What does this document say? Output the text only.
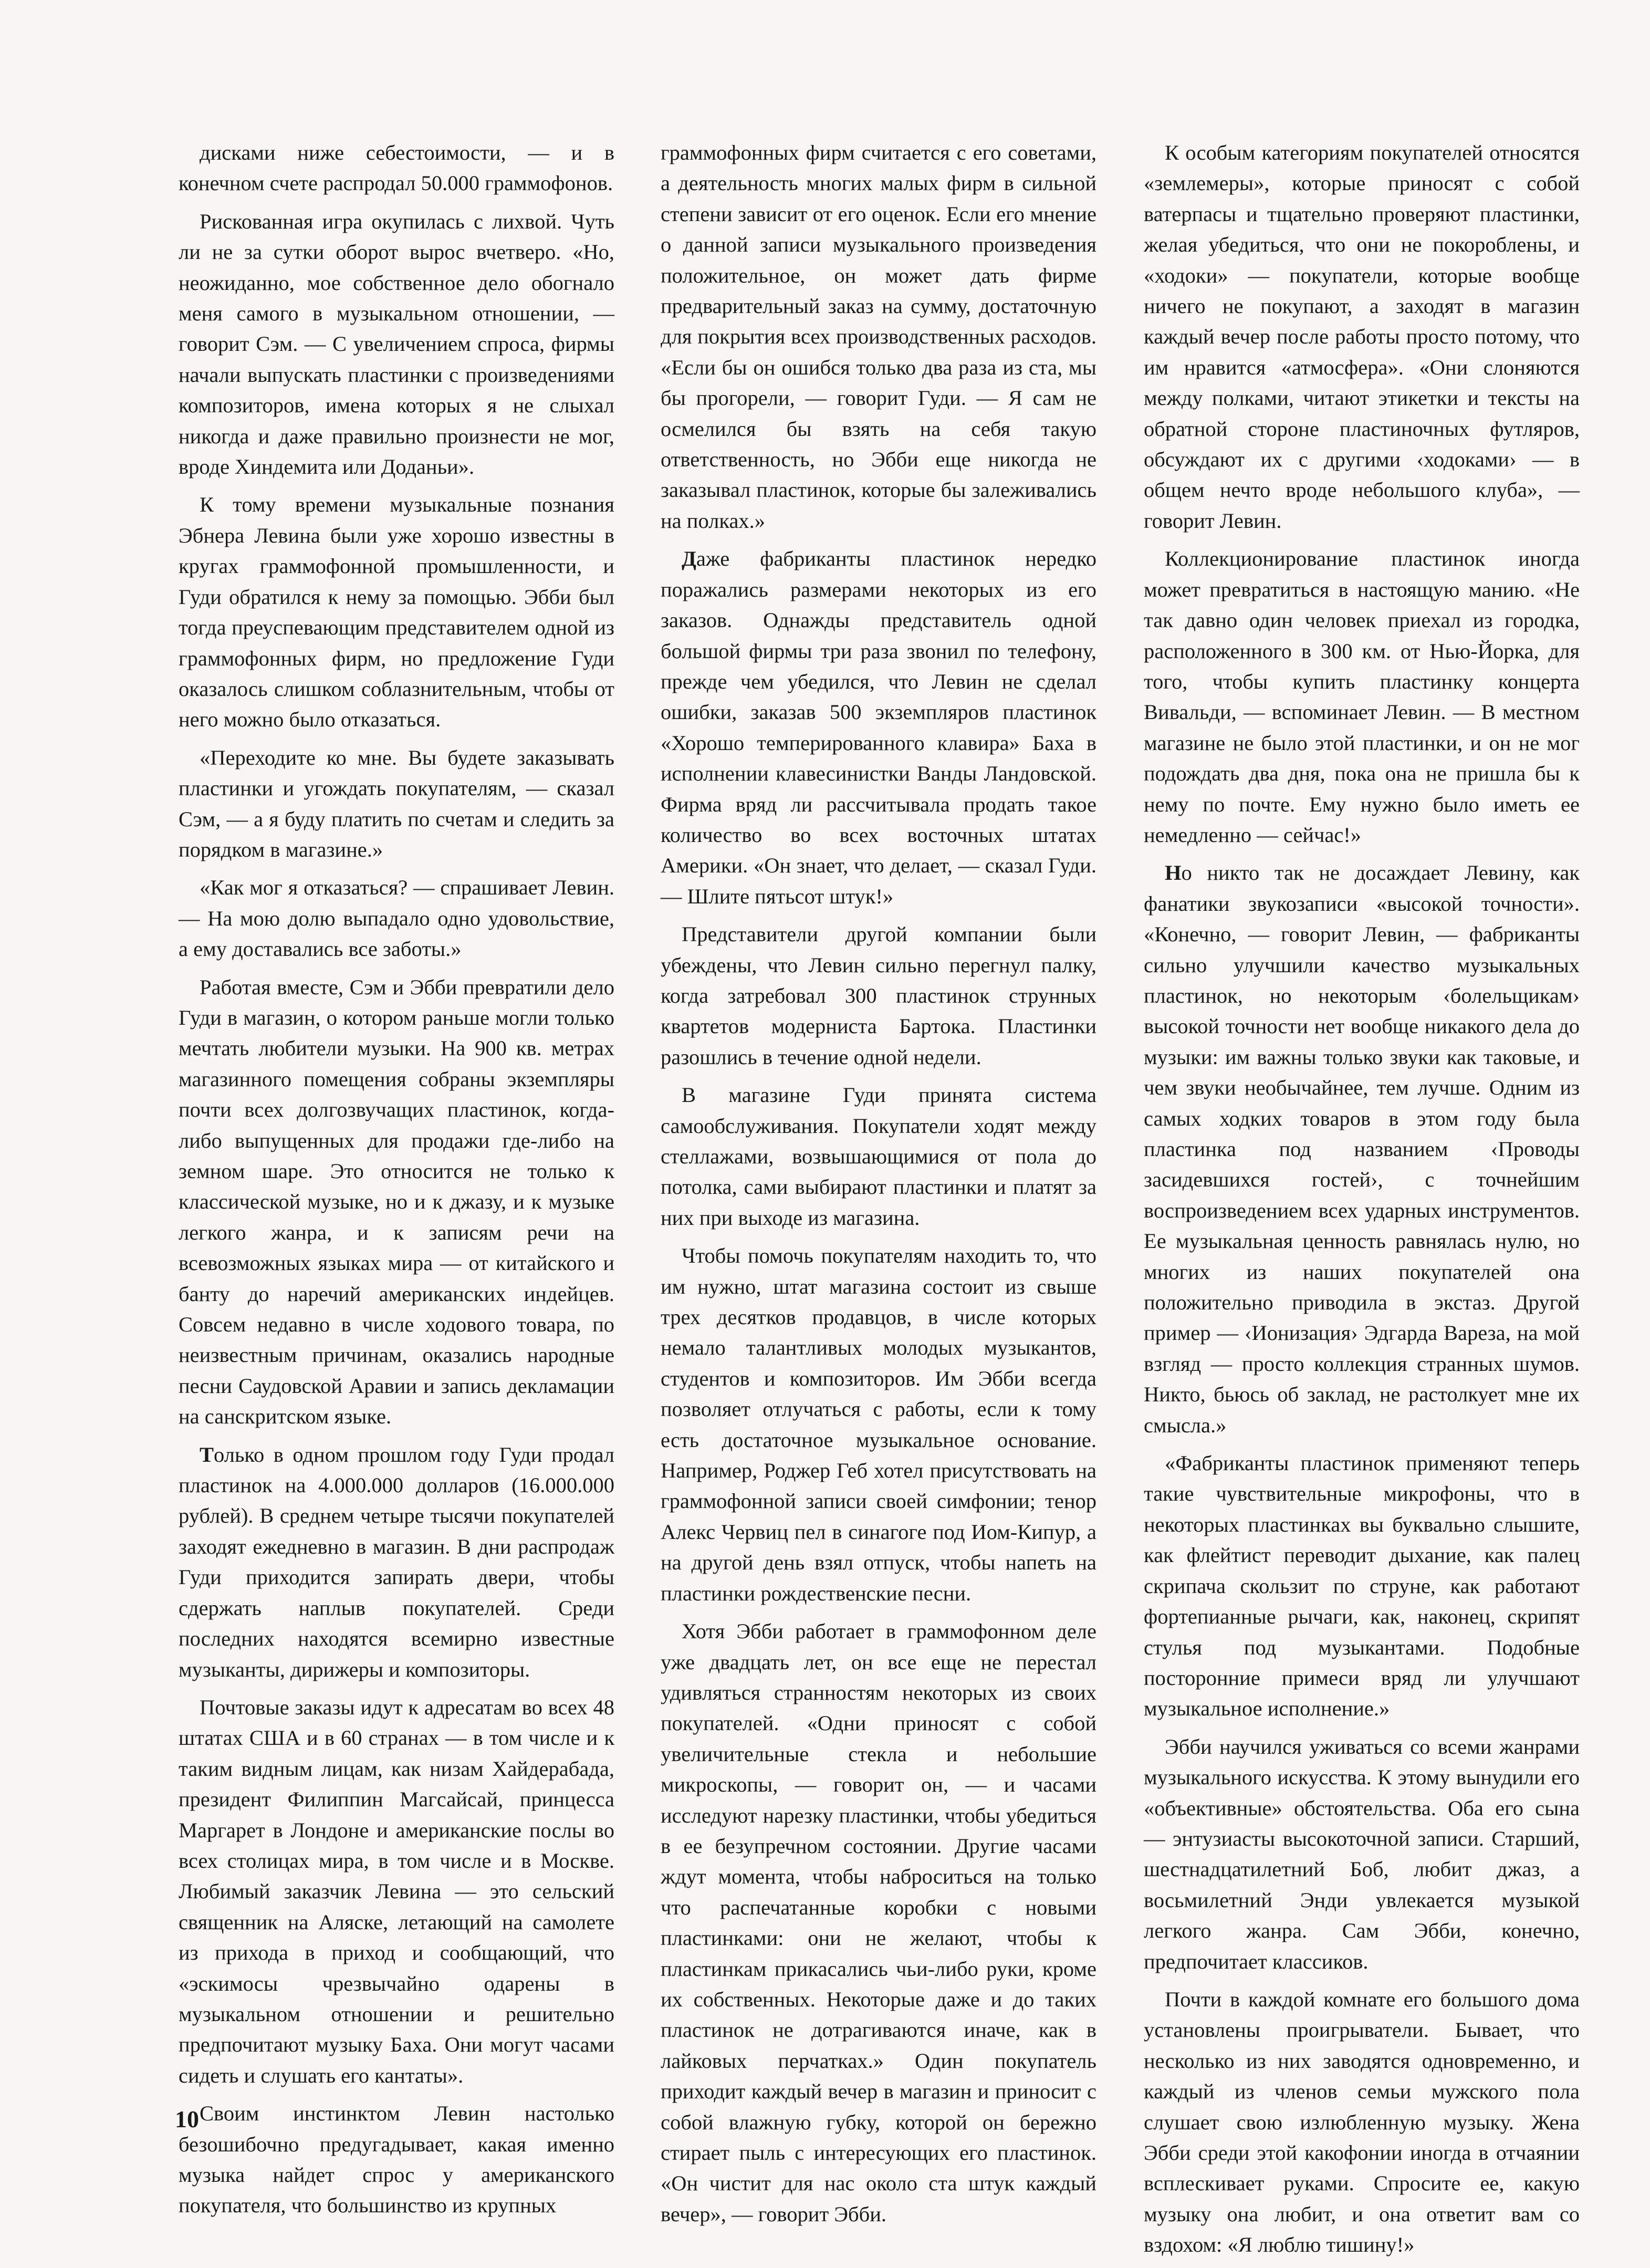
дисками ниже себестоимости, — и в конечном счете распродал 50.000 граммофонов.

Рискованная игра окупилась с лихвой. Чуть ли не за сутки оборот вырос вчетверо. «Но, неожиданно, мое собственное дело обогнало меня самого в музыкальном отношении, — говорит Сэм. — С увеличением спроса, фирмы начали выпускать пластинки с произведениями композиторов, имена которых я не слыхал никогда и даже правильно произнести не мог, вроде Хиндемита или Доданьи».

К тому времени музыкальные познания Эбнера Левина были уже хорошо известны в кругах граммофонной промышленности, и Гуди обратился к нему за помощью. Эбби был тогда преуспевающим представителем одной из граммофонных фирм, но предложение Гуди оказалось слишком соблазнительным, чтобы от него можно было отказаться.

«Переходите ко мне. Вы будете заказывать пластинки и угождать покупателям, — сказал Сэм, — а я буду платить по счетам и следить за порядком в магазине.»

«Как мог я отказаться? — спрашивает Левин. — На мою долю выпадало одно удовольствие, а ему доставались все заботы.»

Работая вместе, Сэм и Эбби превратили дело Гуди в магазин, о котором раньше могли только мечтать любители музыки. На 900 кв. метрах магазинного помещения собраны экземпляры почти всех долгозвучащих пластинок, когда-либо выпущенных для продажи где-либо на земном шаре. Это относится не только к классической музыке, но и к джазу, и к музыке легкого жанра, и к записям речи на всевозможных языках мира — от китайского и банту до наречий американских индейцев. Совсем недавно в числе ходового товара, по неизвестным причинам, оказались народные песни Саудовской Аравии и запись декламации на санскритском языке.

Только в одном прошлом году Гуди продал пластинок на 4.000.000 долларов (16.000.000 рублей). В среднем четыре тысячи покупателей заходят ежедневно в магазин. В дни распродаж Гуди приходится запирать двери, чтобы сдержать наплыв покупателей. Среди последних находятся всемирно известные музыканты, дирижеры и композиторы.

Почтовые заказы идут к адресатам во всех 48 штатах США и в 60 странах — в том числе и к таким видным лицам, как низам Хайдерабада, президент Филиппин Магсайсай, принцесса Маргарет в Лондоне и американские послы во всех столицах мира, в том числе и в Москве. Любимый заказчик Левина — это сельский священник на Аляске, летающий на самолете из прихода в приход и сообщающий, что «эскимосы чрезвычайно одарены в музыкальном отношении и решительно предпочитают музыку Баха. Они могут часами сидеть и слушать его кантаты».

Своим инстинктом Левин настолько безошибочно предугадывает, какая именно музыка найдет спрос у американского покупателя, что большинство из крупных

граммофонных фирм считается с его советами, а деятельность многих малых фирм в сильной степени зависит от его оценок. Если его мнение о данной записи музыкального произведения положительное, он может дать фирме предварительный заказ на сумму, достаточную для покрытия всех производственных расходов. «Если бы он ошибся только два раза из ста, мы бы прогорели, — говорит Гуди. — Я сам не осмелился бы взять на себя такую ответственность, но Эбби еще никогда не заказывал пластинок, которые бы залеживались на полках.»

Даже фабриканты пластинок нередко поражались размерами некоторых из его заказов. Однажды представитель одной большой фирмы три раза звонил по телефону, прежде чем убедился, что Левин не сделал ошибки, заказав 500 экземпляров пластинок «Хорошо темперированного клавира» Баха в исполнении клавесинистки Ванды Ландовской. Фирма вряд ли рассчитывала продать такое количество во всех восточных штатах Америки. «Он знает, что делает, — сказал Гуди. — Шлите пятьсот штук!»

Представители другой компании были убеждены, что Левин сильно перегнул палку, когда затребовал 300 пластинок струнных квартетов модерниста Бартока. Пластинки разошлись в течение одной недели.

В магазине Гуди принята система самообслуживания. Покупатели ходят между стеллажами, возвышающимися от пола до потолка, сами выбирают пластинки и платят за них при выходе из магазина.

Чтобы помочь покупателям находить то, что им нужно, штат магазина состоит из свыше трех десятков продавцов, в числе которых немало талантливых молодых музыкантов, студентов и композиторов. Им Эбби всегда позволяет отлучаться с работы, если к тому есть достаточное музыкальное основание. Например, Роджер Геб хотел присутствовать на граммофонной записи своей симфонии; тенор Алекс Червиц пел в синагоге под Иом-Кипур, а на другой день взял отпуск, чтобы напеть на пластинки рождественские песни.

Хотя Эбби работает в граммофонном деле уже двадцать лет, он все еще не перестал удивляться странностям некоторых из своих покупателей. «Одни приносят с собой увеличительные стекла и небольшие микроскопы, — говорит он, — и часами исследуют нарезку пластинки, чтобы убедиться в ее безупречном состоянии. Другие часами ждут момента, чтобы наброситься на только что распечатанные коробки с новыми пластинками: они не желают, чтобы к пластинкам прикасались чьи-либо руки, кроме их собственных. Некоторые даже и до таких пластинок не дотрагиваются иначе, как в лайковых перчатках.» Один покупатель приходит каждый вечер в магазин и приносит с собой влажную губку, которой он бережно стирает пыль с интересующих его пластинок. «Он чистит для нас около ста штук каждый вечер», — говорит Эбби.

К особым категориям покупателей относятся «землемеры», которые приносят с собой ватерпасы и тщательно проверяют пластинки, желая убедиться, что они не покороблены, и «ходоки» — покупатели, которые вообще ничего не покупают, а заходят в магазин каждый вечер после работы просто потому, что им нравится «атмосфера». «Они слоняются между полками, читают этикетки и тексты на обратной стороне пластиночных футляров, обсуждают их с другими ‹ходоками› — в общем нечто вроде небольшого клуба», — говорит Левин.

Коллекционирование пластинок иногда может превратиться в настоящую манию. «Не так давно один человек приехал из городка, расположенного в 300 км. от Нью-Йорка, для того, чтобы купить пластинку концерта Вивальди, — вспоминает Левин. — В местном магазине не было этой пластинки, и он не мог подождать два дня, пока она не пришла бы к нему по почте. Ему нужно было иметь ее немедленно — сейчас!»

Но никто так не досаждает Левину, как фанатики звукозаписи «высокой точности». «Конечно, — говорит Левин, — фабриканты сильно улучшили качество музыкальных пластинок, но некоторым ‹болельщикам› высокой точности нет вообще никакого дела до музыки: им важны только звуки как таковые, и чем звуки необычайнее, тем лучше. Одним из самых ходких товаров в этом году была пластинка под названием ‹Проводы засидевшихся гостей›, с точнейшим воспроизведением всех ударных инструментов. Ее музыкальная ценность равнялась нулю, но многих из наших покупателей она положительно приводила в экстаз. Другой пример — ‹Ионизация› Эдгарда Вареза, на мой взгляд — просто коллекция странных шумов. Никто, бьюсь об заклад, не растолкует мне их смысла.»

«Фабриканты пластинок применяют теперь такие чувствительные микрофоны, что в некоторых пластинках вы буквально слышите, как флейтист переводит дыхание, как палец скрипача скользит по струне, как работают фортепианные рычаги, как, наконец, скрипят стулья под музыкантами. Подобные посторонние примеси вряд ли улучшают музыкальное исполнение.»

Эбби научился уживаться со всеми жанрами музыкального искусства. К этому вынудили его «объективные» обстоятельства. Оба его сына — энтузиасты высокоточной записи. Старший, шестнадцатилетний Боб, любит джаз, а восьмилетний Энди увлекается музыкой легкого жанра. Сам Эбби, конечно, предпочитает классиков.

Почти в каждой комнате его большого дома установлены проигрыватели. Бывает, что несколько из них заводятся одновременно, и каждый из членов семьи мужского пола слушает свою излюбленную музыку. Жена Эбби среди этой какофонии иногда в отчаянии всплескивает руками. Спросите ее, какую музыку она любит, и она ответит вам со вздохом: «Я люблю тишину!»

10
